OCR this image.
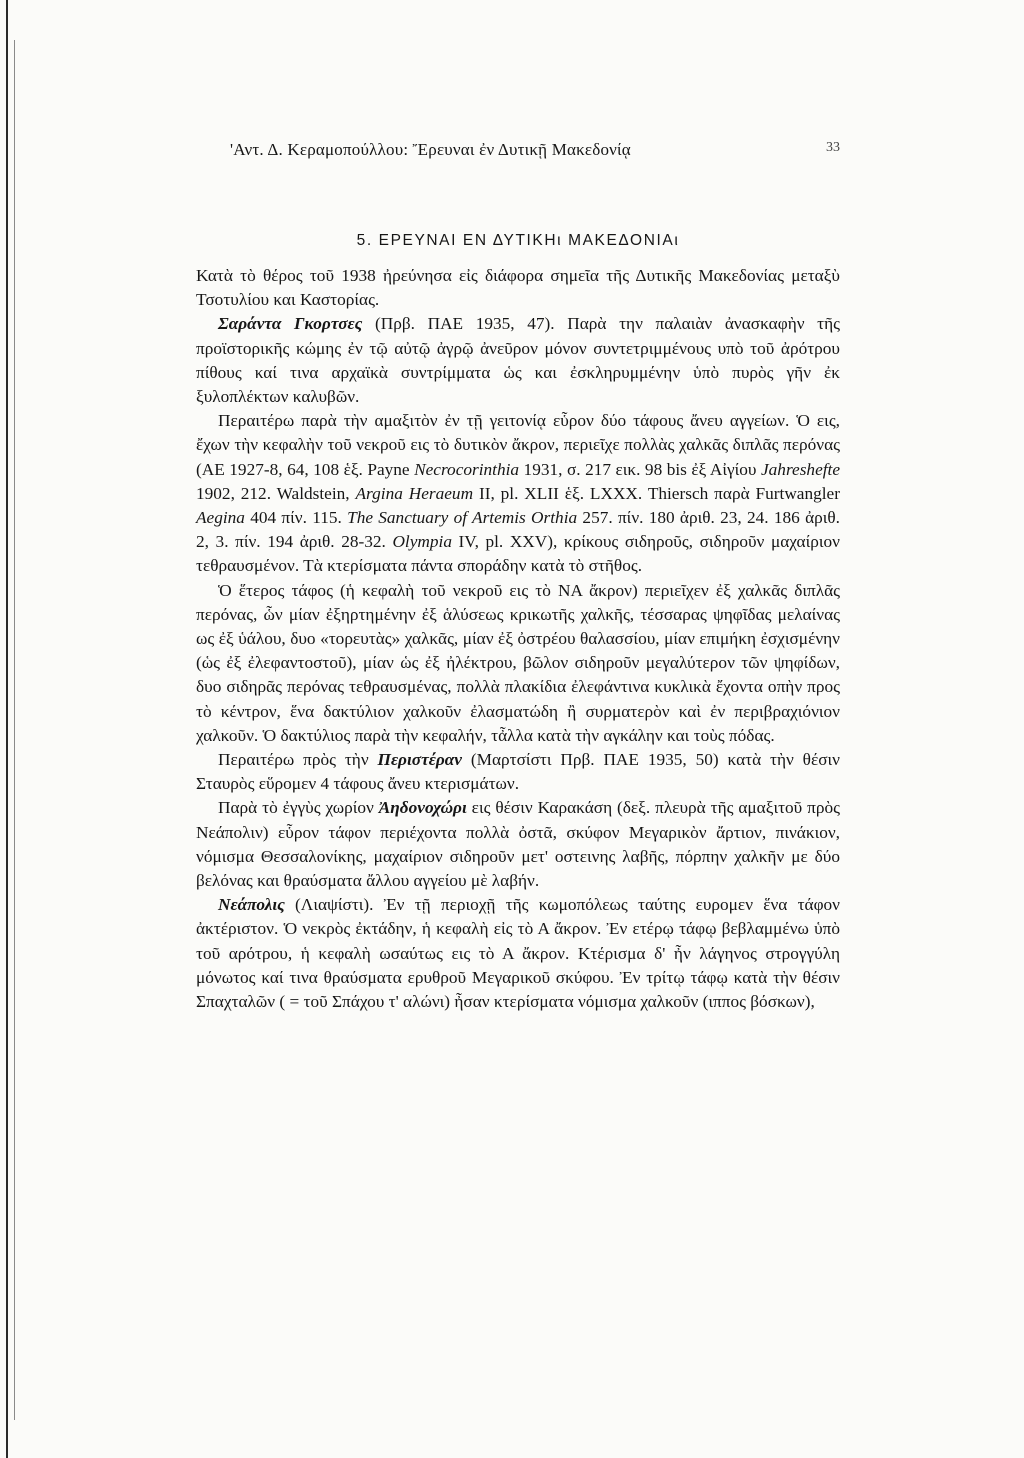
'Αντ. Δ. Κεραμοπούλλου: Ἔρευναι ἐν Δυτικῇ Μακεδονίᾳ	33
5. ΕΡΕΥΝΑΙ ΕΝ ΔΥΤΙΚΗι ΜΑΚΕΔΟΝΙΑι

Κατὰ τὸ θέρος τοῦ 1938 ἠρεύνησα εἰς διάφορα σημεῖα τῆς Δυτικῆς Μακεδονίας μεταξὺ Τσοτυλίου και Καστορίας.

Σαράντα Γκορτσες (Πρβ. ΠΑΕ 1935, 47). Παρὰ την παλαιὰν ἀνασκαφὴν τῆς προϊστορικῆς κώμης ἐν τῷ αὐτῷ ἀγρῷ ἀνεῦρον μόνον συντετριμμένους υπὸ τοῦ ἀρότρου πίθους καί τινα αρχαϊκὰ συντρίμματα ὡς και ἐσκληρυμμένην ὑπὸ πυρὸς γῆν ἐκ ξυλοπλέκτων καλυβῶν.

Περαιτέρω παρὰ τὴν αμαξιτὸν ἐν τῇ γειτονίᾳ εὗρον δύο τάφους ἄνευ αγγείων. Ὁ εις, ἔχων τὴν κεφαλὴν τοῦ νεκροῦ εις τὸ δυτικὸν ἄκρον, περιεῖχε πολλὰς χαλκᾶς διπλᾶς περόνας (ΑΕ 1927-8, 64, 108 ἑξ. Payne Necrocorinthia 1931, σ. 217 εικ. 98 bis ἐξ Αἰγίου Jahreshefte 1902, 212. Waldstein, Argina Heraeum II, pl. XLII ἑξ. LXXX. Thiersch παρὰ Furtwangler Aegina 404 πίν. 115. The Sanctuary of Artemis Orthia 257. πίν. 180 ἀριθ. 23, 24. 186 ἀριθ. 2, 3. πίν. 194 ἀριθ. 28-32. Olympia IV, pl. XXV), κρίκους σιδηροῦς, σιδηροῦν μαχαίριον τεθραυσμένον. Τὰ κτερίσματα πάντα σποράδην κατὰ τὸ στῆθος.

Ὁ ἕτερος τάφος (ἡ κεφαλὴ τοῦ νεκροῦ εις τὸ ΝΑ ἄκρον) περιεῖχεν ἐξ χαλκᾶς διπλᾶς περόνας, ὧν μίαν ἐξηρτημένην ἐξ ἁλύσεως κρικωτῆς χαλκῆς, τέσσαρας ψηφῖδας μελαίνας ως ἐξ ὑάλου, δυο «τορευτὰς» χαλκᾶς, μίαν ἐξ ὀστρέου θαλασσίου, μίαν επιμήκη ἐσχισμένην (ὡς ἐξ ἐλεφαντοστοῦ), μίαν ὡς ἐξ ἠλέκτρου, βῶλον σιδηροῦν μεγαλύτερον τῶν ψηφίδων, δυο σιδηρᾶς περόνας τεθραυσμένας, πολλὰ πλακίδια ἐλεφάντινα κυκλικὰ ἔχοντα οπὴν προς τὸ κέντρον, ἕνα δακτύλιον χαλκοῦν ἐλασματώδη ἢ συρματερὸν καὶ ἐν περιβραχιόνιον χαλκοῦν. Ὁ δακτύλιος παρὰ τὴν κεφαλήν, τἆλλα κατὰ τὴν αγκάλην και τοὺς πόδας.

Περαιτέρω πρὸς τὴν Περιστέραν (Μαρτσίστι Πρβ. ΠΑΕ 1935, 50) κατὰ τὴν θέσιν Σταυρὸς εὕρομεν 4 τάφους ἄνευ κτερισμάτων.

Παρὰ τὸ ἐγγὺς χωρίον Ἀηδονοχώρι εις θέσιν Καρακάση (δεξ. πλευρὰ τῆς αμαξιτοῦ πρὸς Νεάπολιν) εὗρον τάφον περιέχοντα πολλὰ ὀστᾶ, σκύφον Μεγαρικὸν ἄρτιον, πινάκιον, νόμισμα Θεσσαλονίκης, μαχαίριον σιδηροῦν μετ' οστεινης λαβῆς, πόρπην χαλκῆν με δύο βελόνας και θραύσματα ἄλλου αγγείου μὲ λαβήν.

Νεάπολις (Λιαψίστι). Ἐν τῇ περιοχῇ τῆς κωμοπόλεως ταύτης ευρομεν ἕνα τάφον ἀκτέριστον. Ὁ νεκρὸς ἐκτάδην, ἡ κεφαλὴ εἰς τὸ Α ἄκρον. Ἐν ετέρῳ τάφῳ βεβλαμμένω ὑπὸ τοῦ αρότρου, ἡ κεφαλὴ ωσαύτως εις τὸ Α ἄκρον. Κτέρισμα δ' ἦν λάγηνος στρογγύλη μόνωτος καί τινα θραύσματα ερυθροῦ Μεγαρικοῦ σκύφου. Ἐν τρίτῳ τάφῳ κατὰ τὴν θέσιν Σπαχταλῶν ( = τοῦ Σπάχου τ' αλώνι) ἦσαν κτερίσματα νόμισμα χαλκοῦν (ιππος βόσκων),
